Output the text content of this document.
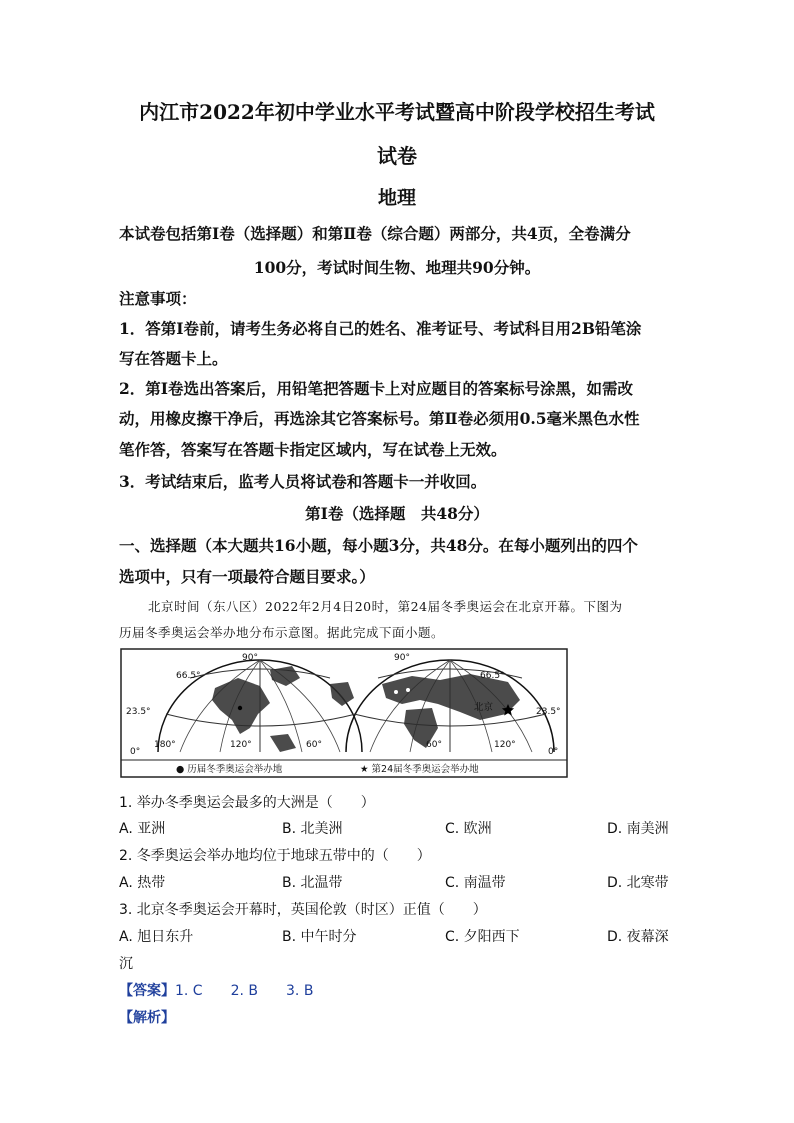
内江市2022年初中学业水平考试暨高中阶段学校招生考试
试卷
地理
本试卷包括第Ⅰ卷（选择题）和第Ⅱ卷（综合题）两部分，共4页，全卷满分
100分，考试时间生物、地理共90分钟。
注意事项：
1．答第Ⅰ卷前，请考生务必将自己的姓名、准考证号、考试科目用2B铅笔涂
写在答题卡上。
2．第Ⅰ卷选出答案后，用铅笔把答题卡上对应题目的答案标号涂黑，如需改
动，用橡皮擦干净后，再选涂其它答案标号。第Ⅱ卷必须用0.5毫米黑色水性
笔作答，答案写在答题卡指定区域内，写在试卷上无效。
3．考试结束后，监考人员将试卷和答题卡一并收回。
第Ⅰ卷（选择题　共48分）
一、选择题（本大题共16小题，每小题3分，共48分。在每小题列出的四个
选项中，只有一项最符合题目要求。）
北京时间（东八区）2022年2月4日20时，第24届冬季奥运会在北京开幕。下图为
历届冬季奥运会举办地分布示意图。据此完成下面小题。
66.5°
90°
23.5°
0°
180°	120°	60°
90°
66.5°
23.5°
0°
60°	120°
北京
● 历届冬季奥运会举办地	★ 第24届冬季奥运会举办地
1. 举办冬季奥运会最多的大洲是（　　）
A. 亚洲	B. 北美洲	C. 欧洲	D. 南美洲
2. 冬季奥运会举办地均位于地球五带中的（　　）
A. 热带	B. 北温带	C. 南温带	D. 北寒带
3. 北京冬季奥运会开幕时，英国伦敦（时区）正值（　　）
A. 旭日东升	B. 中午时分	C. 夕阳西下	D. 夜幕深
沉
【答案】1. C 2. B 3. B
【解析】
